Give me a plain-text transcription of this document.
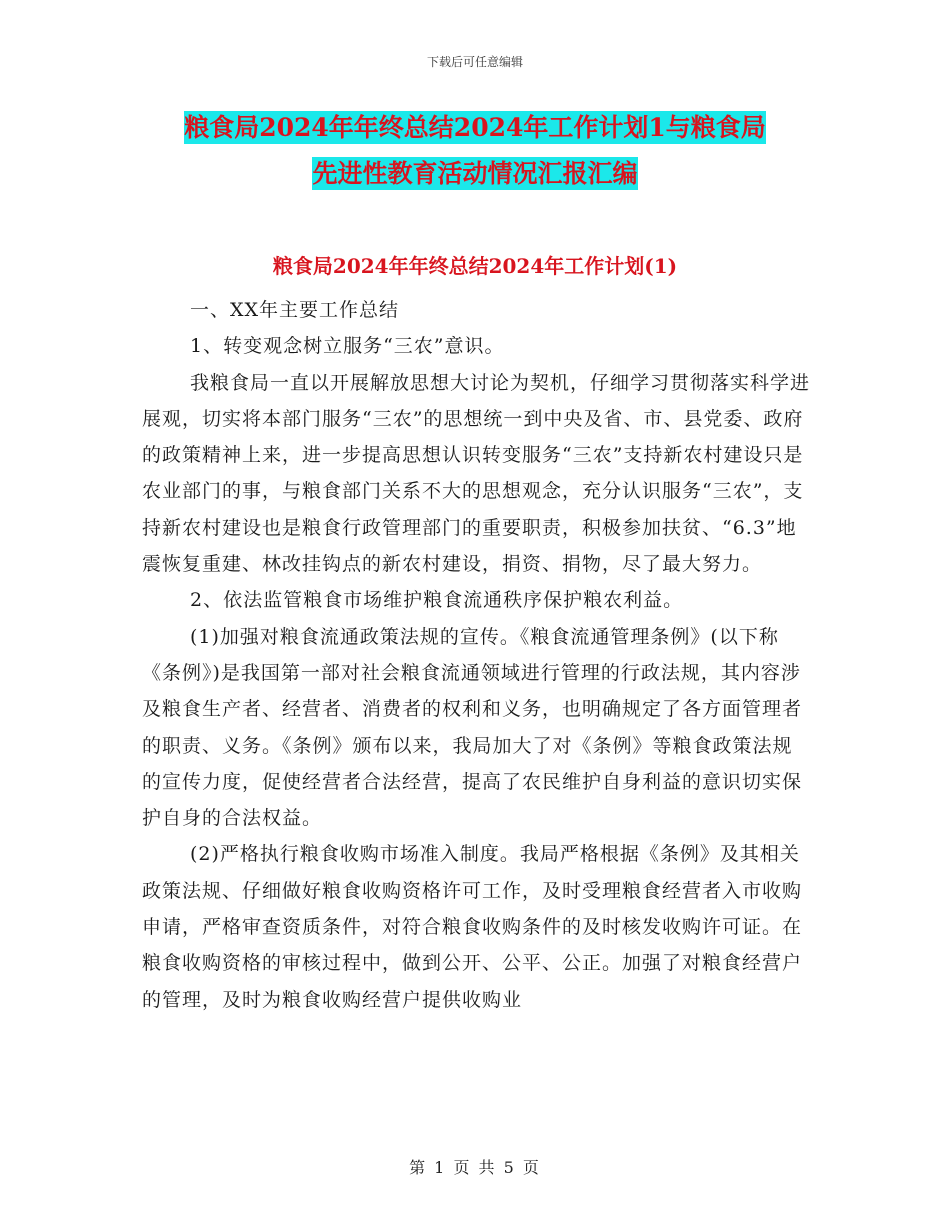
下载后可任意编辑
粮食局2024年年终总结2024年工作计划1与粮食局
先进性教育活动情况汇报汇编
粮食局2024年年终总结2024年工作计划(1)

一、XX年主要工作总结

1、转变观念树立服务“三农”意识。

我粮食局一直以开展解放思想大讨论为契机，仔细学习贯彻落实科学进展观，切实将本部门服务“三农”的思想统一到中央及省、市、县党委、政府的政策精神上来，进一步提高思想认识转变服务“三农”支持新农村建设只是农业部门的事，与粮食部门关系不大的思想观念，充分认识服务“三农”，支持新农村建设也是粮食行政管理部门的重要职责，积极参加扶贫、“6.3”地震恢复重建、林改挂钩点的新农村建设，捐资、捐物，尽了最大努力。

2、依法监管粮食市场维护粮食流通秩序保护粮农利益。

(1)加强对粮食流通政策法规的宣传。《粮食流通管理条例》(以下称《条例》)是我国第一部对社会粮食流通领域进行管理的行政法规，其内容涉及粮食生产者、经营者、消费者的权利和义务，也明确规定了各方面管理者的职责、义务。《条例》颁布以来，我局加大了对《条例》等粮食政策法规的宣传力度，促使经营者合法经营，提高了农民维护自身利益的意识切实保护自身的合法权益。

(2)严格执行粮食收购市场准入制度。我局严格根据《条例》及其相关政策法规、仔细做好粮食收购资格许可工作，及时受理粮食经营者入市收购申请，严格审查资质条件，对符合粮食收购条件的及时核发收购许可证。在粮食收购资格的审核过程中，做到公开、公平、公正。加强了对粮食经营户的管理，及时为粮食收购经营户提供收购业

第 1 页 共 5 页
